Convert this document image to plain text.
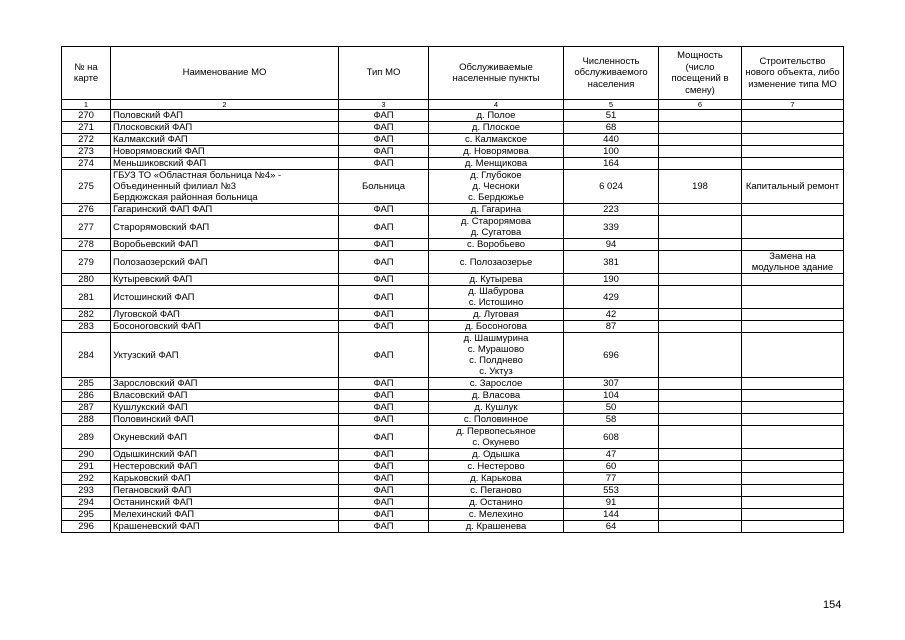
№ на
карте	Наименование МО	Тип МО	Обслуживаемые
населенные пункты	Численность
обслуживаемого
населения	Мощность
(число
посещений в
смену)	Строительство
нового объекта, либо
изменение типа МО
1	2	3	4	5	6	7
270	Половский ФАП	ФАП	д. Полое	51		
271	Плосковский ФАП	ФАП	д. Плоское	68		
272	Калмакский ФАП	ФАП	с. Калмакское	440		
273	Новорямовский ФАП	ФАП	д. Новорямова	100		
274	Меньшиковский ФАП	ФАП	д. Менщикова	164		
275	ГБУЗ ТО «Областная больница №4» -
Объединенный филиал №3
Бердюжская районная больница	Больница	д. Глубокое
д. Чесноки
с. Бердюжье	6 024	198	Капитальный ремонт
276	Гагаринский ФАП ФАП	ФАП	д. Гагарина	223		
277	Старорямовский ФАП	ФАП	д. Старорямова
д. Сугатова	339		
278	Воробьевский ФАП	ФАП	с. Воробьево	94		
279	Полозаозерский ФАП	ФАП	с. Полозаозерье	381		Замена на
модульное здание
280	Кутыревский ФАП	ФАП	д. Кутырева	190		
281	Истошинский ФАП	ФАП	д. Шабурова
с. Истошино	429		
282	Луговской ФАП	ФАП	д. Луговая	42		
283	Босоноговский ФАП	ФАП	д. Босоногова	87		
284	Уктузский ФАП	ФАП	д. Шашмурина
с. Мурашово
с. Полднево
с. Уктуз	696		
285	Зарословский ФАП	ФАП	с. Зарослое	307		
286	Власовский ФАП	ФАП	д. Власова	104		
287	Кушлукский ФАП	ФАП	д. Кушлук	50		
288	Половинский ФАП	ФАП	с. Половинное	58		
289	Окуневский ФАП	ФАП	д. Первопесьяное
с. Окунево	608		
290	Одышкинский ФАП	ФАП	д. Одышка	47		
291	Нестеровский ФАП	ФАП	с. Нестерово	60		
292	Карьковский ФАП	ФАП	д. Карькова	77		
293	Пегановский ФАП	ФАП	с. Пеганово	553		
294	Останинский ФАП	ФАП	д. Останино	91		
295	Мелехинский ФАП	ФАП	с. Мелехино	144		
296	Крашеневский ФАП	ФАП	д. Крашенева	64		
154
